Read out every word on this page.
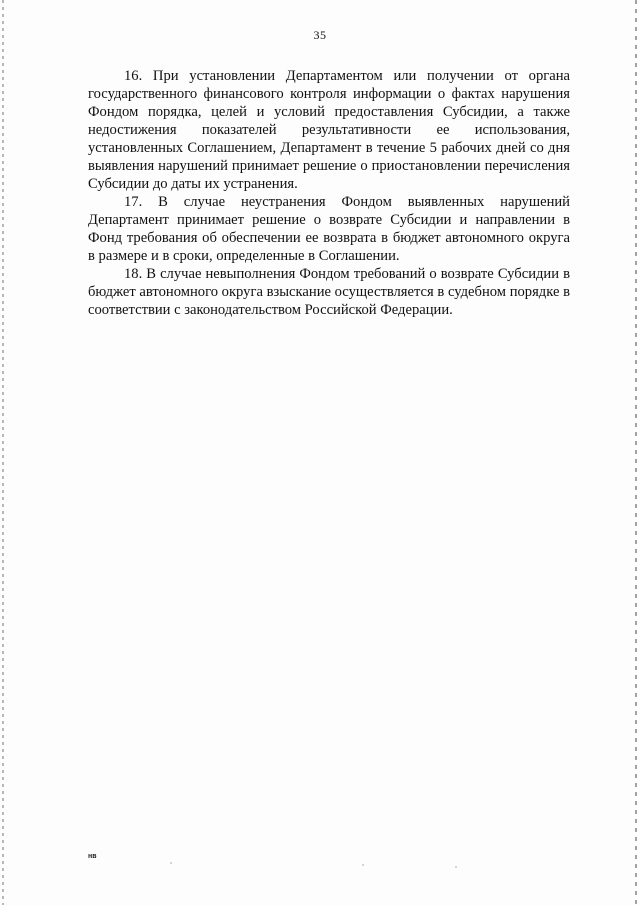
35

16. При установлении Департаментом или получении от органа государственного финансового контроля информации о фактах нарушения Фондом порядка, целей и условий предоставления Субсидии, а также недостижения показателей результативности ее использования, установленных Соглашением, Департамент в течение 5 рабочих дней со дня выявления нарушений принимает решение о приостановлении перечисления Субсидии до даты их устранения.

17. В случае неустранения Фондом выявленных нарушений Департамент принимает решение о возврате Субсидии и направлении в Фонд требования об обеспечении ее возврата в бюджет автономного округа в размере и в сроки, определенные в Соглашении.

18. В случае невыполнения Фондом требований о возврате Субсидии в бюджет автономного округа взыскание осуществляется в судебном порядке в соответствии с законодательством Российской Федерации.

нв
